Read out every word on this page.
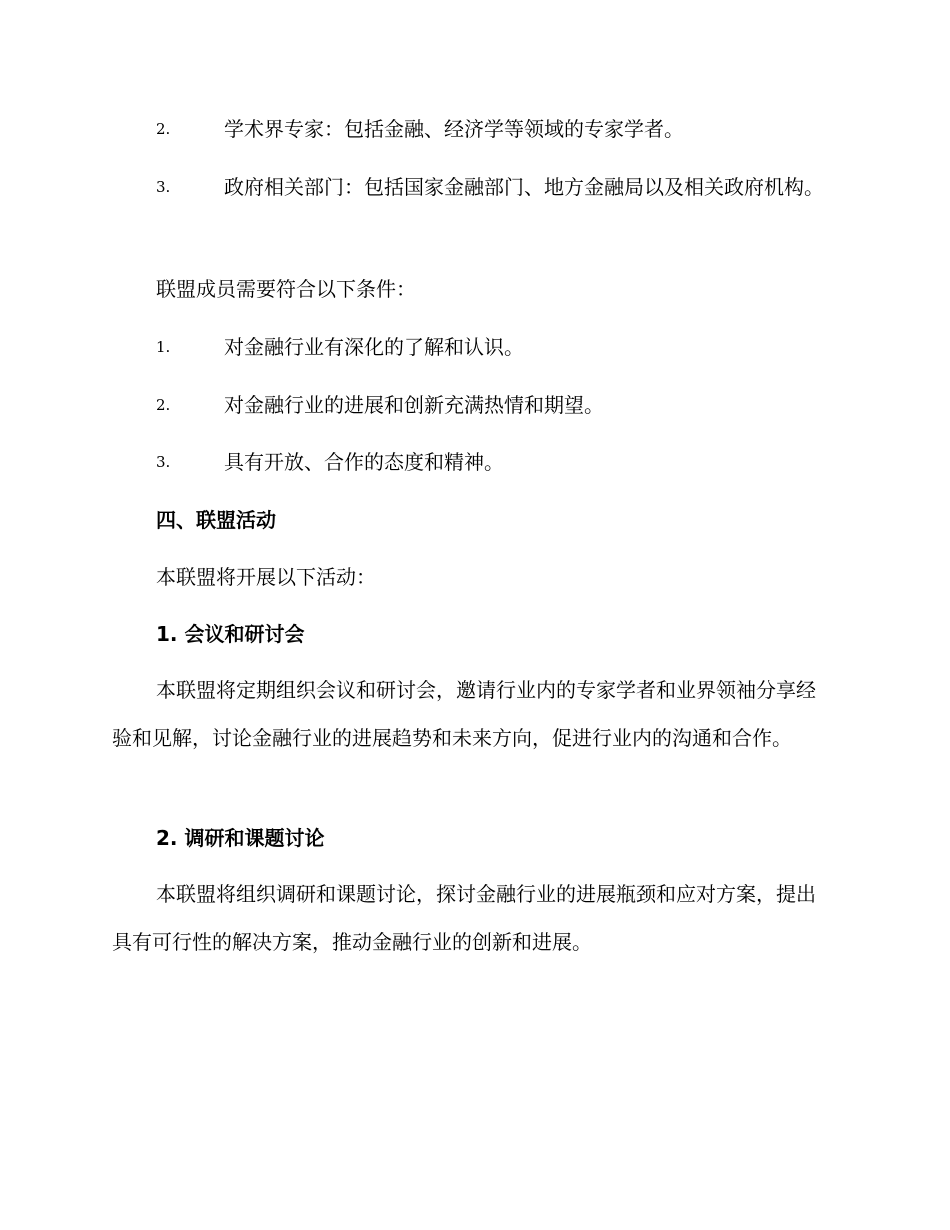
2.	学术界专家：包括金融、经济学等领域的专家学者。
3.	政府相关部门：包括国家金融部门、地方金融局以及相关政府机构。
联盟成员需要符合以下条件：
1.	对金融行业有深化的了解和认识。
2.	对金融行业的进展和创新充满热情和期望。
3.	具有开放、合作的态度和精神。
四、联盟活动
本联盟将开展以下活动：
1. 会议和研讨会
本联盟将定期组织会议和研讨会，邀请行业内的专家学者和业界领袖分享经验和见解，讨论金融行业的进展趋势和未来方向，促进行业内的沟通和合作。
2. 调研和课题讨论
本联盟将组织调研和课题讨论，探讨金融行业的进展瓶颈和应对方案，提出具有可行性的解决方案，推动金融行业的创新和进展。
